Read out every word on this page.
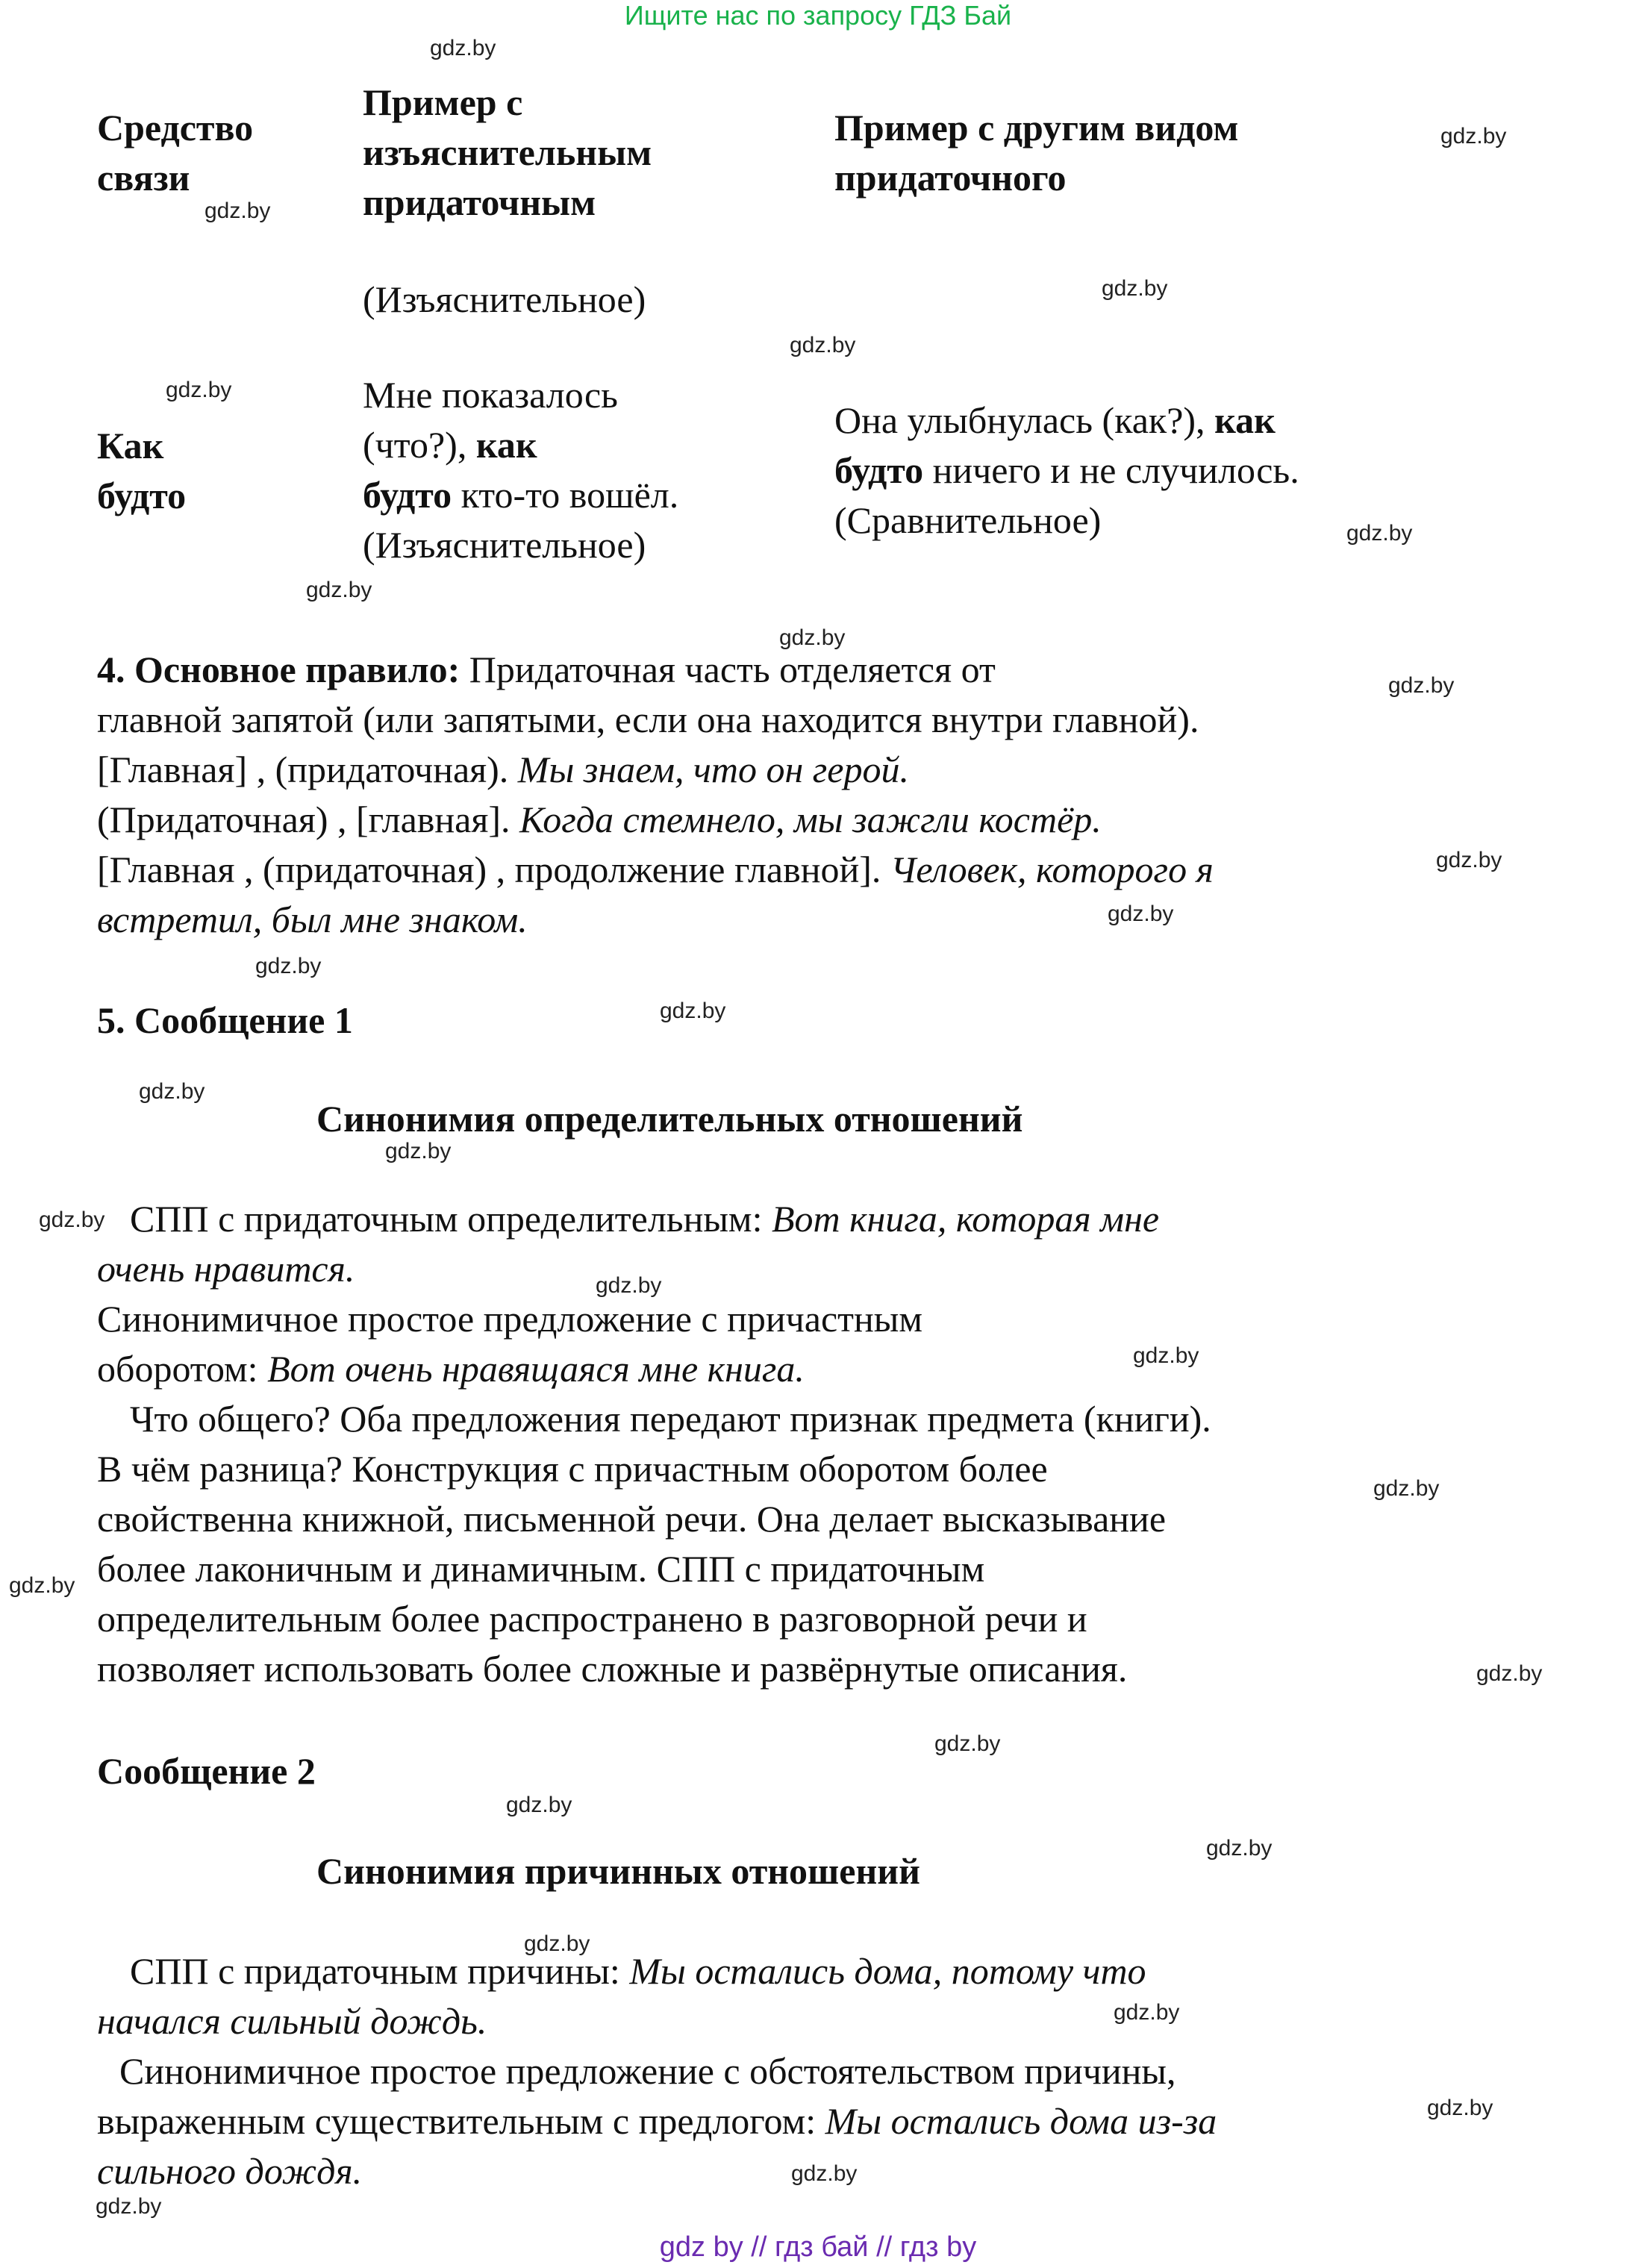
Ищите нас по запросу ГДЗ Бай
gdz.by
gdz.by
gdz.by
gdz.by
gdz.by
gdz.by
gdz.by
gdz.by
gdz.by
gdz.by
gdz.by
gdz.by
gdz.by
gdz.by
gdz.by
gdz.by
gdz.by
gdz.by
gdz.by
gdz.by
gdz.by
gdz.by
gdz.by
gdz.by
gdz.by
gdz.by
gdz.by
gdz.by
gdz.by
gdz.by
Средство
связи
Пример с
изъяснительным
придаточным
Пример с другим видом
придаточного
(Изъяснительное)
Как
будто
Мне показалось
(что?), как
будто кто-то вошёл.
(Изъяснительное)
Она улыбнулась (как?), как
будто ничего и не случилось.
(Сравнительное)
4. Основное правило: Придаточная часть отделяется от
главной запятой (или запятыми, если она находится внутри главной).
[Главная] , (придаточная). Мы знаем, что он герой.
(Придаточная) , [главная]. Когда стемнело, мы зажгли костёр.
[Главная , (придаточная) , продолжение главной]. Человек, которого я
встретил, был мне знаком.
5. Сообщение 1
Синонимия определительных отношений
СПП с придаточным определительным: Вот книга, которая мне
очень нравится.
Синонимичное простое предложение с причастным
оборотом: Вот очень нравящаяся мне книга.
Что общего? Оба предложения передают признак предмета (книги).
В чём разница? Конструкция с причастным оборотом более
свойственна книжной, письменной речи. Она делает высказывание
более лаконичным и динамичным. СПП с придаточным
определительным более распространено в разговорной речи и
позволяет использовать более сложные и развёрнутые описания.
Сообщение 2
Синонимия причинных отношений
СПП с придаточным причины: Мы остались дома, потому что
начался сильный дождь.
Синонимичное простое предложение с обстоятельством причины,
выраженным существительным с предлогом: Мы остались дома из-за
сильного дождя.
gdz by // гдз бай // гдз by
